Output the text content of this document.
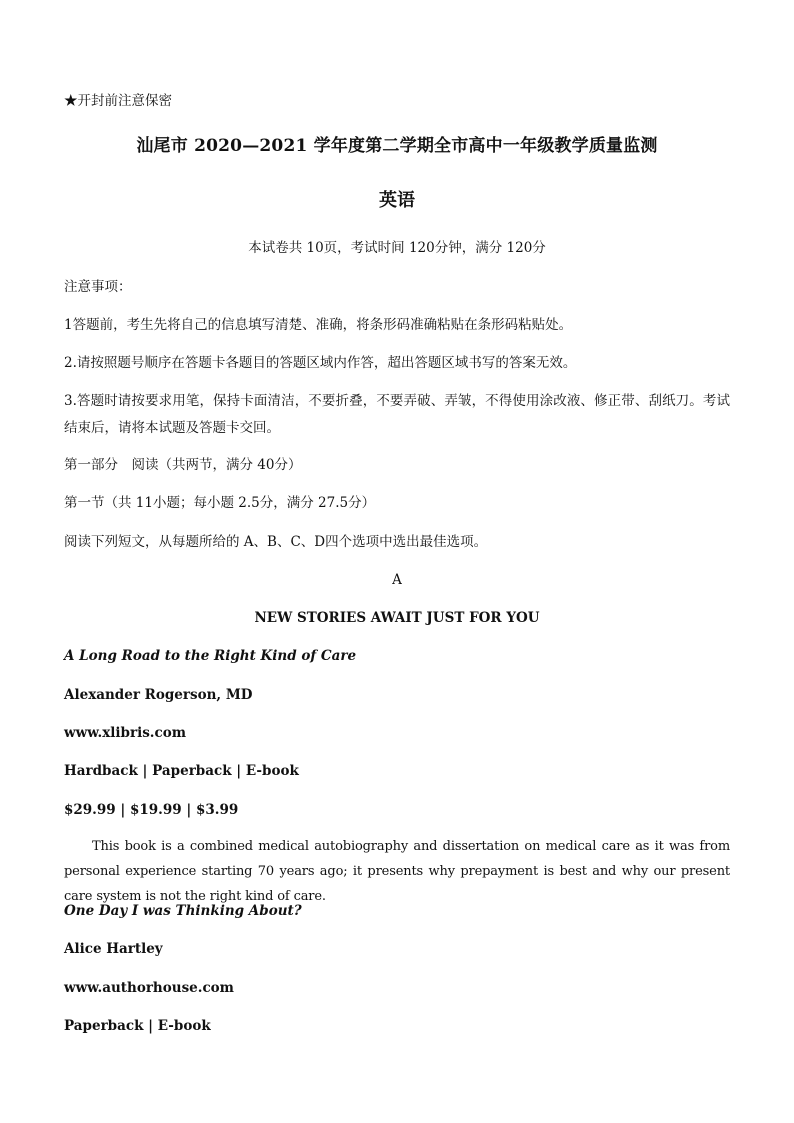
★开封前注意保密
汕尾市 2020—2021 学年度第二学期全市高中一年级教学质量监测
英语
本试卷共 10页，考试时间 120分钟，满分 120分
注意事项：
1答题前，考生先将自己的信息填写清楚、准确，将条形码准确粘贴在条形码粘贴处。
2.请按照题号顺序在答题卡各题目的答题区域内作答，超出答题区域书写的答案无效。
3.答题时请按要求用笔，保持卡面清洁，不要折叠，不要弄破、弄皱，不得使用涂改液、修正带、刮纸刀。考试结束后，请将本试题及答题卡交回。
第一部分　阅读（共两节，满分 40分）
第一节（共 11小题；每小题 2.5分，满分 27.5分）
阅读下列短文，从每题所给的 A、B、C、D四个选项中选出最佳选项。
A
NEW STORIES AWAIT JUST FOR YOU
A Long Road to the Right Kind of Care
Alexander Rogerson, MD
www.xlibris.com
Hardback | Paperback | E-book
$29.99 | $19.99 | $3.99
This book is a combined medical autobiography and dissertation on medical care as it was from personal experience starting 70 years ago; it presents why prepayment is best and why our present care system is not the right kind of care.
One Day I was Thinking About?
Alice Hartley
www.authorhouse.com
Paperback | E-book
